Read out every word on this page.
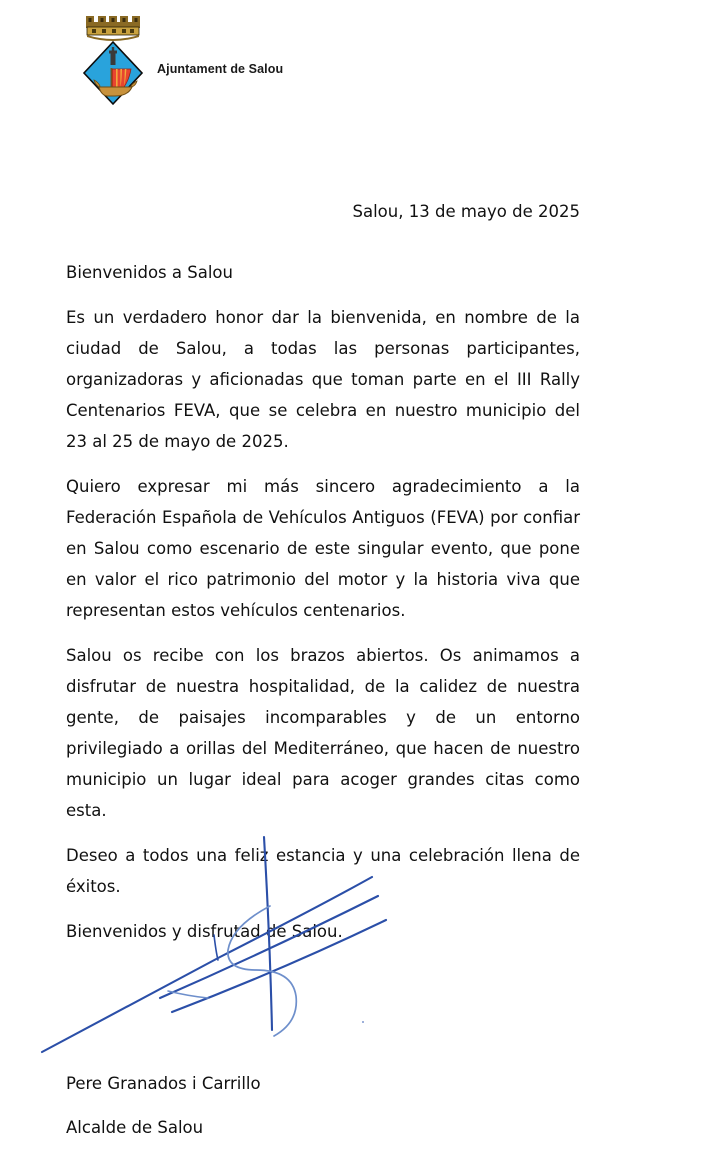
Ajuntament de Salou
Salou, 13 de mayo de 2025
Bienvenidos a Salou

Es un verdadero honor dar la bienvenida, en nombre de la ciudad de Salou, a todas las personas participantes, organizadoras y aficionadas que toman parte en el III Rally Centenarios FEVA, que se celebra en nuestro municipio del 23 al 25 de mayo de 2025.

Quiero expresar mi más sincero agradecimiento a la Federación Española de Vehículos Antiguos (FEVA) por confiar en Salou como escenario de este singular evento, que pone en valor el rico patrimonio del motor y la historia viva que representan estos vehículos centenarios.

Salou os recibe con los brazos abiertos. Os animamos a disfrutar de nuestra hospitalidad, de la calidez de nuestra gente, de paisajes incomparables y de un entorno privilegiado a orillas del Mediterráneo, que hacen de nuestro municipio un lugar ideal para acoger grandes citas como esta.

Deseo a todos una feliz estancia y una celebración llena de éxitos.

Bienvenidos y disfrutad de Salou.
Pere Granados i Carrillo
Alcalde de Salou
